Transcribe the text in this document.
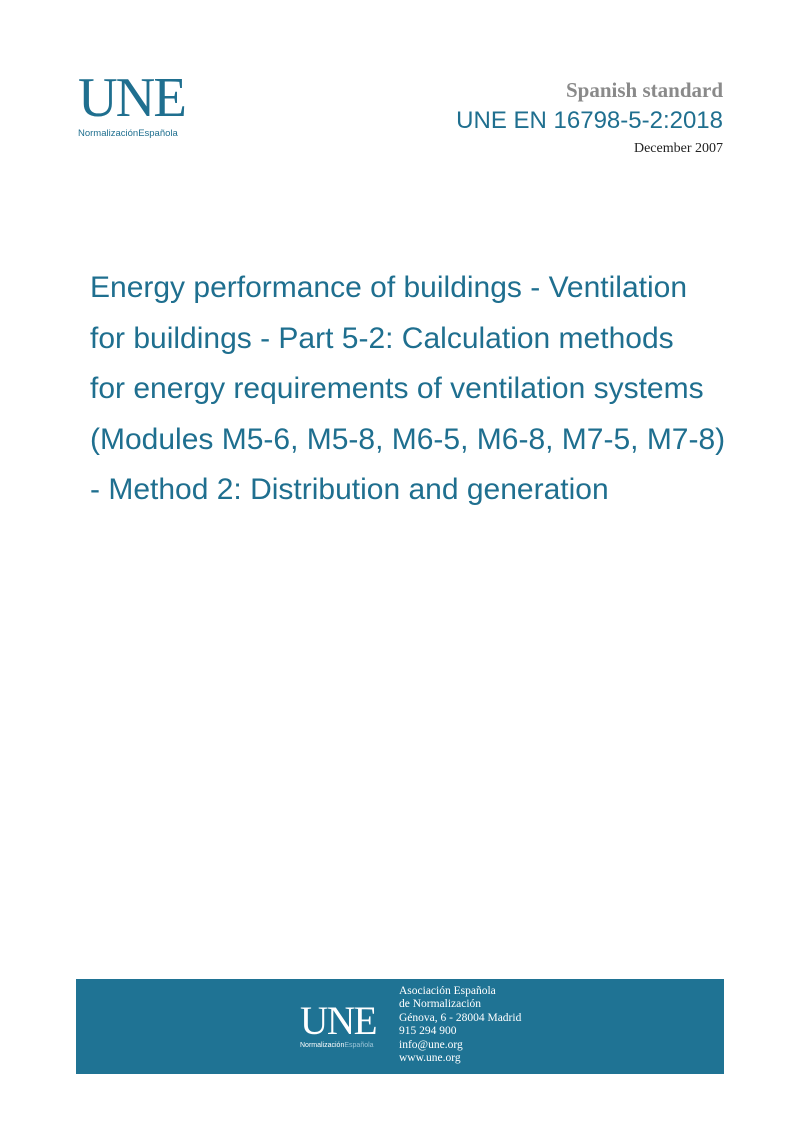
UNE
NormalizaciónEspañola
Spanish standard
UNE EN 16798-5-2:2018
December 2007
Energy performance of buildings - Ventilation
for buildings - Part 5-2: Calculation methods
for energy requirements of ventilation systems
(Modules M5-6, M5-8, M6-5, M6-8, M7-5, M7-8)
- Method 2: Distribution and generation
UNE
NormalizaciónEspañola
Asociación Española
de Normalización
Génova, 6 - 28004 Madrid
915 294 900
info@une.org
www.une.org
